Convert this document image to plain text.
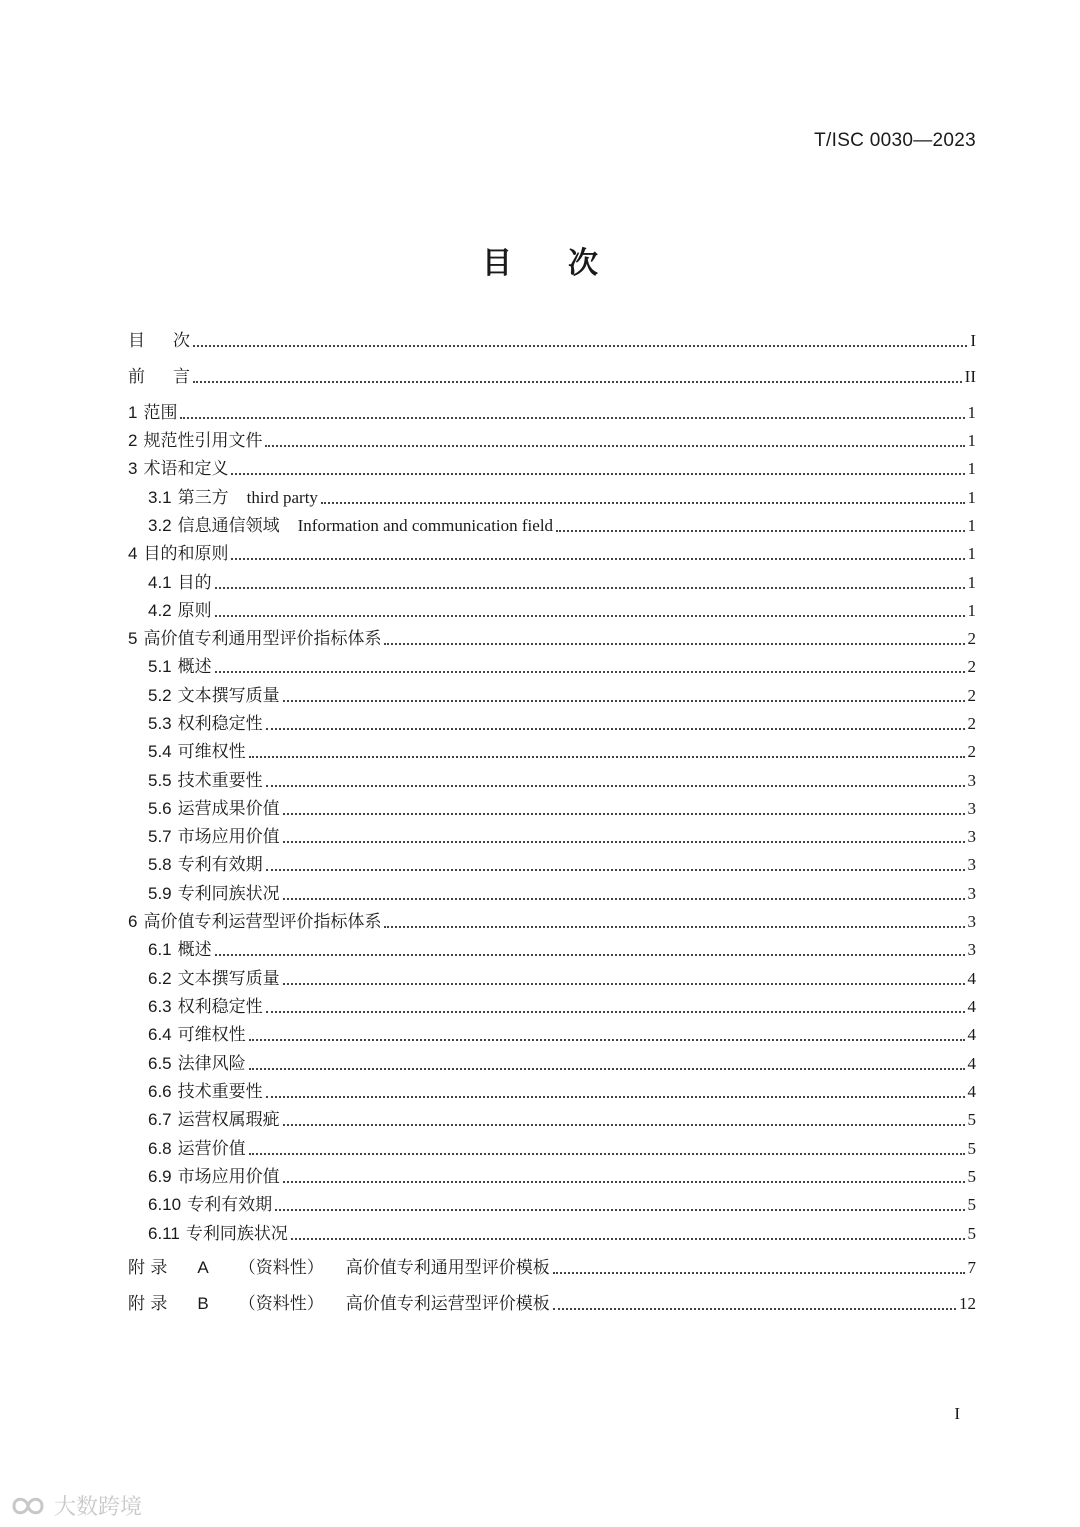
T/ISC 0030—2023
目 次
目 次	I
前 言	II
1 范围	1
2 规范性引用文件	1
3 术语和定义	1
3.1 第三方 third party	1
3.2 信息通信领域 Information and communication field	1
4 目的和原则	1
4.1 目的	1
4.2 原则	1
5 高价值专利通用型评价指标体系	2
5.1 概述	2
5.2 文本撰写质量	2
5.3 权利稳定性	2
5.4 可维权性	2
5.5 技术重要性	3
5.6 运营成果价值	3
5.7 市场应用价值	3
5.8 专利有效期	3
5.9 专利同族状况	3
6 高价值专利运营型评价指标体系	3
6.1 概述	3
6.2 文本撰写质量	4
6.3 权利稳定性	4
6.4 可维权性	4
6.5 法律风险	4
6.6 技术重要性	4
6.7 运营权属瑕疵	5
6.8 运营价值	5
6.9 市场应用价值	5
6.10 专利有效期	5
6.11 专利同族状况	5
附 录 A （资料性） 高价值专利通用型评价模板	7
附 录 B （资料性） 高价值专利运营型评价模板	12
I
大数跨境
